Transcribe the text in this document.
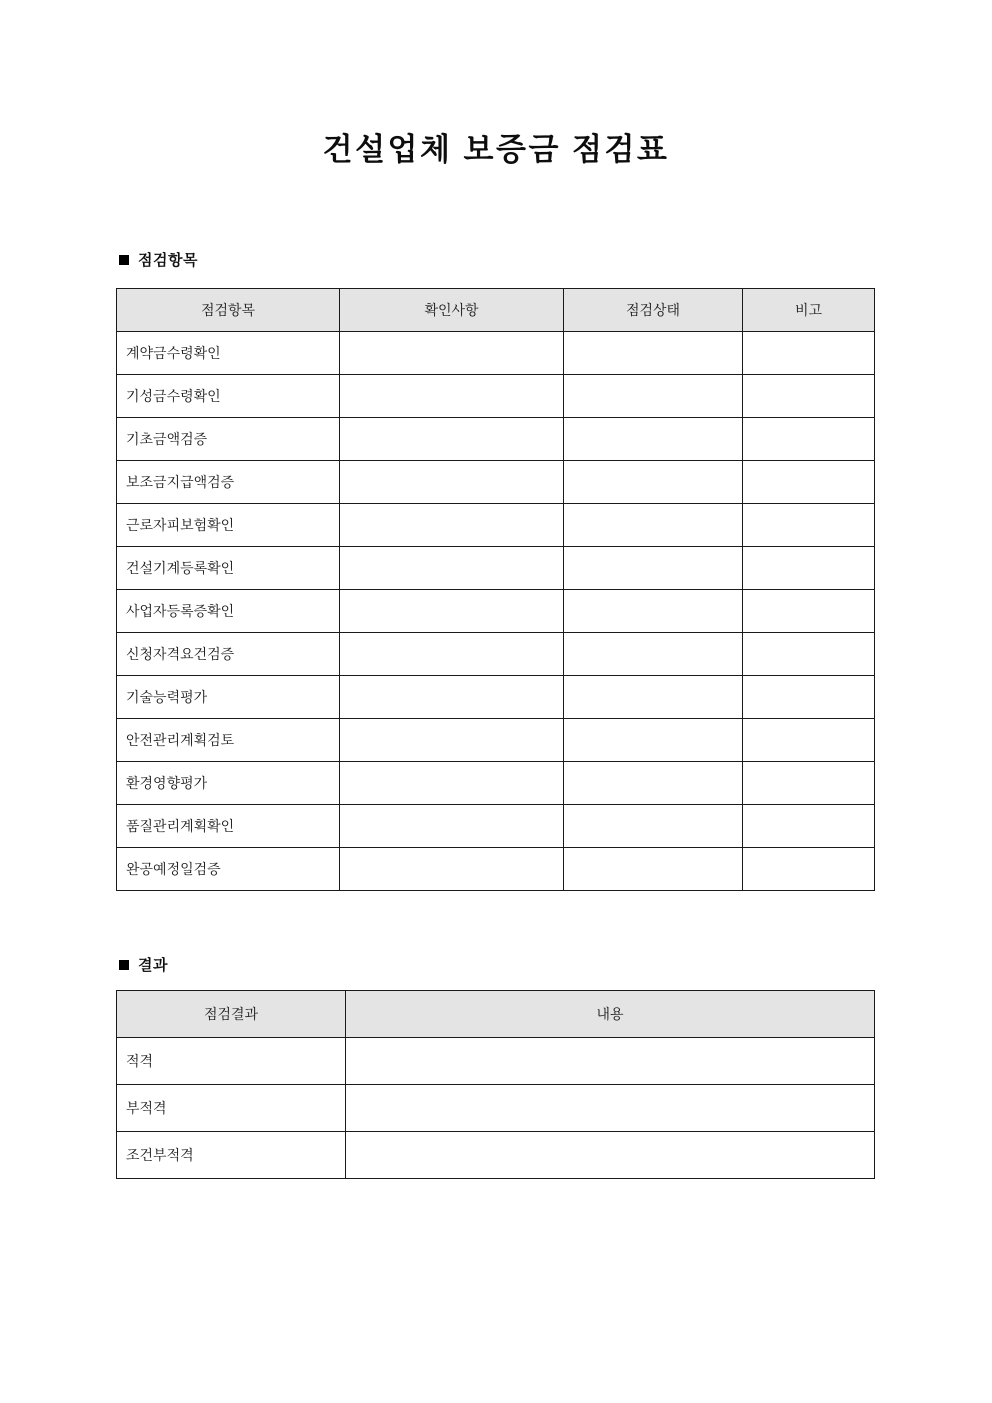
건설업체 보증금 점검표
점검항목
점검항목	확인사항	점검상태	비고
계약금수령확인			
기성금수령확인			
기초금액검증			
보조금지급액검증			
근로자피보험확인			
건설기계등록확인			
사업자등록증확인			
신청자격요건검증			
기술능력평가			
안전관리계획검토			
환경영향평가			
품질관리계획확인			
완공예정일검증			
결과
점검결과	내용
적격	
부적격	
조건부적격	
